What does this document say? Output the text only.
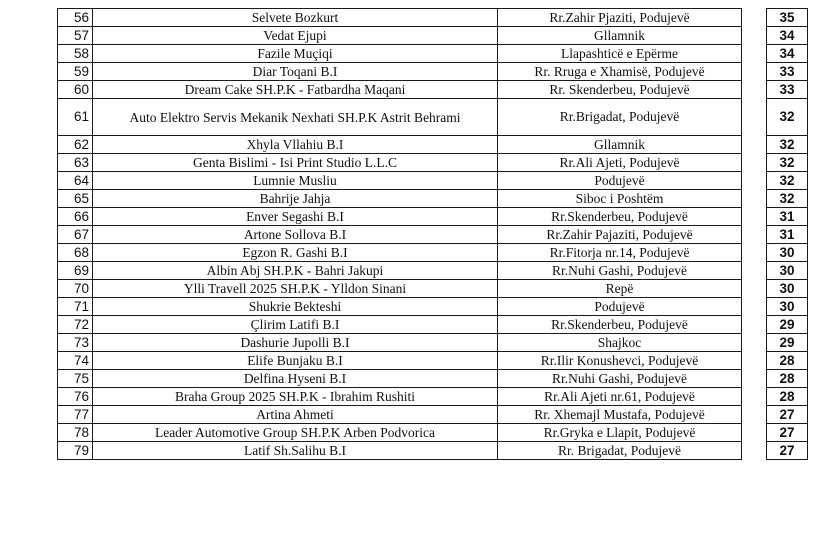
56	Selvete Bozkurt	Rr.Zahir Pjaziti, Podujevë		35
57	Vedat Ejupi	Gllamnik		34
58	Fazile Muçiqi	Llapashticë e Epërme		34
59	Diar Toqani B.I	Rr. Rruga e Xhamisë, Podujevë		33
60	Dream Cake SH.P.K - Fatbardha Maqani	Rr. Skenderbeu, Podujevë		33
61	Auto Elektro Servis Mekanik Nexhati SH.P.K Astrit Behrami	Rr.Brigadat, Podujevë		32
62	Xhyla Vllahiu B.I	Gllamnik		32
63	Genta Bislimi - Isi Print Studio L.L.C	Rr.Ali Ajeti, Podujevë		32
64	Lumnie Musliu	Podujevë		32
65	Bahrije Jahja	Siboc i Poshtëm		32
66	Enver Segashi B.I	Rr.Skenderbeu, Podujevë		31
67	Artone Sollova B.I	Rr.Zahir Pajaziti, Podujevë		31
68	Egzon R. Gashi B.I	Rr.Fitorja nr.14, Podujevë		30
69	Albin Abj SH.P.K - Bahri Jakupi	Rr.Nuhi Gashi, Podujevë		30
70	Ylli Travell 2025 SH.P.K - Ylldon Sinani	Repë		30
71	Shukrie Bekteshi	Podujevë		30
72	Çlirim Latifi B.I	Rr.Skenderbeu, Podujevë		29
73	Dashurie Jupolli B.I	Shajkoc		29
74	Elife Bunjaku B.I	Rr.Ilir Konushevci, Podujevë		28
75	Delfina Hyseni B.I	Rr.Nuhi Gashi, Podujevë		28
76	Braha Group 2025 SH.P.K - Ibrahim Rushiti	Rr.Ali Ajeti nr.61, Podujevë		28
77	Artina Ahmeti	Rr. Xhemajl Mustafa, Podujevë		27
78	Leader Automotive Group SH.P.K Arben Podvorica	Rr.Gryka e Llapit, Podujevë		27
79	Latif Sh.Salihu B.I	Rr. Brigadat, Podujevë		27
